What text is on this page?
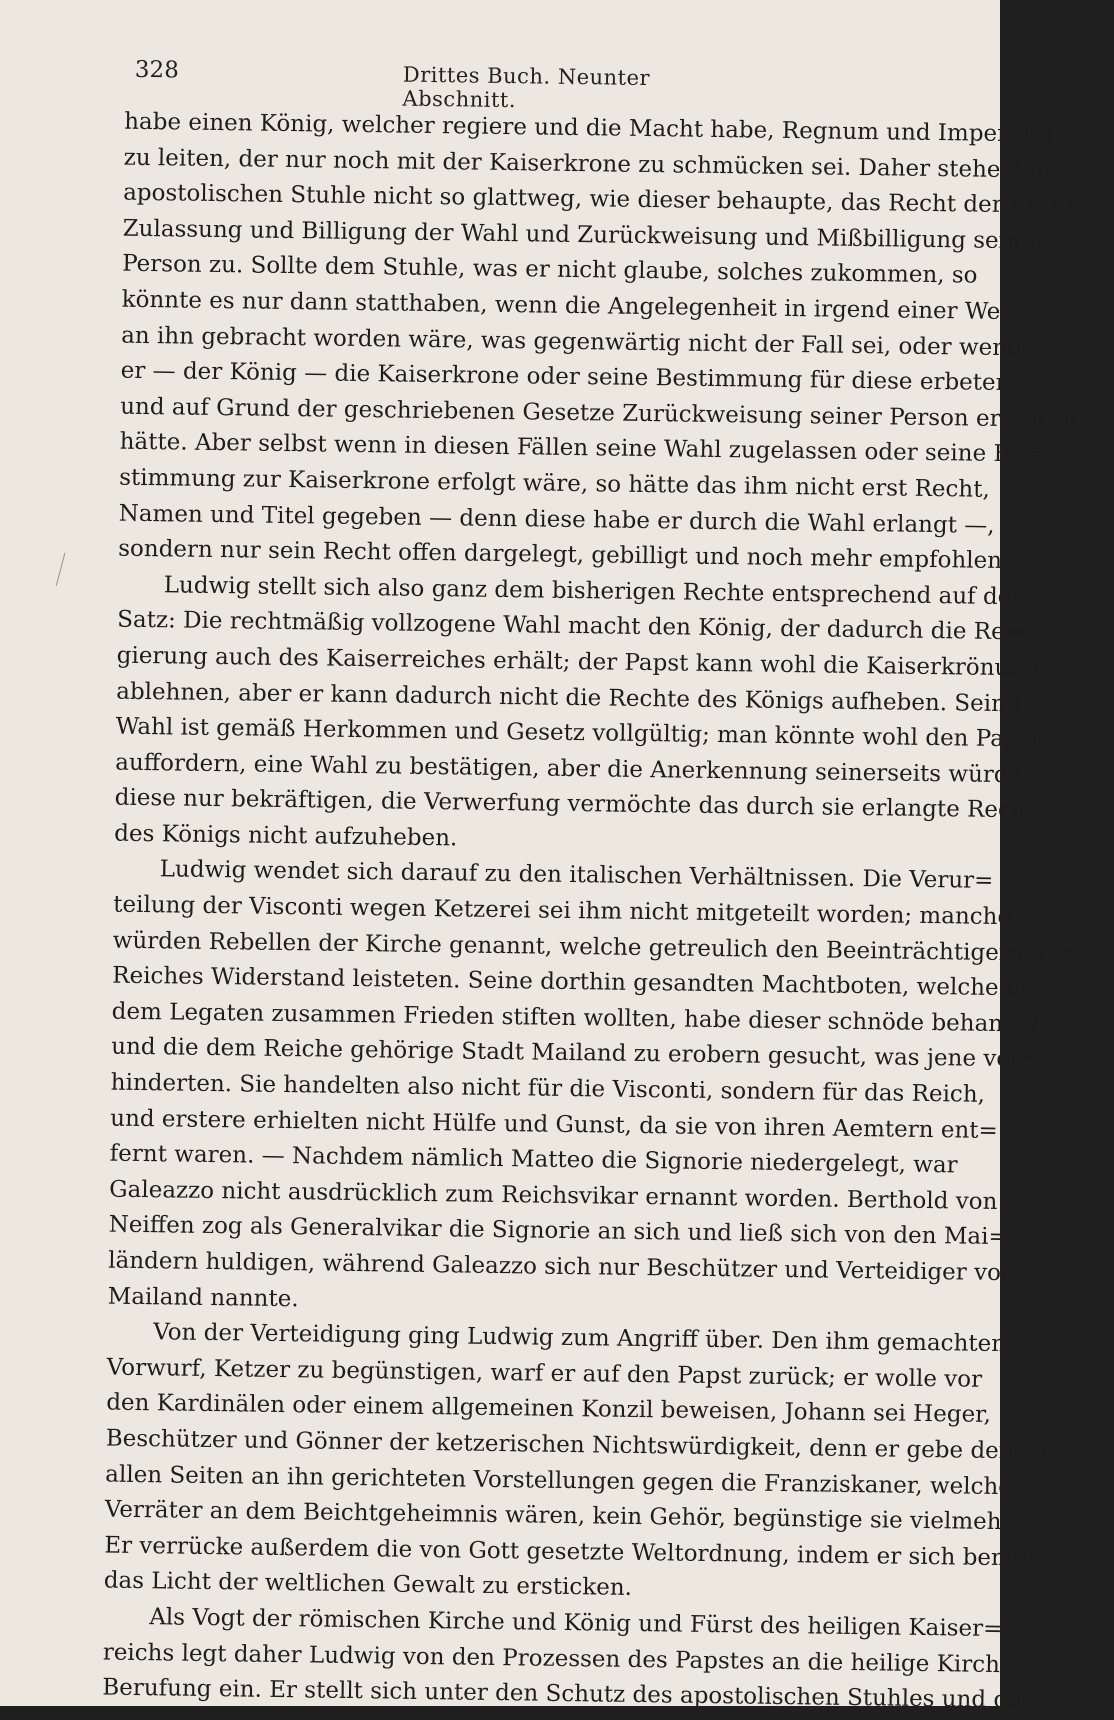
328	Drittes Buch. Neunter Abschnitt.
habe einen König, welcher regiere und die Macht habe, Regnum und Imperium
zu leiten, der nur noch mit der Kaiserkrone zu schmücken sei. Daher stehe dem
apostolischen Stuhle nicht so glattweg, wie dieser behaupte, das Recht der Prüfung,
Zulassung und Billigung der Wahl und Zurückweisung und Mißbilligung seiner
Person zu. Sollte dem Stuhle, was er nicht glaube, solches zukommen, so
könnte es nur dann statthaben, wenn die Angelegenheit in irgend einer Weise
an ihn gebracht worden wäre, was gegenwärtig nicht der Fall sei, oder wenn
er — der König — die Kaiserkrone oder seine Bestimmung für diese erbeten
und auf Grund der geschriebenen Gesetze Zurückweisung seiner Person erfahren
hätte. Aber selbst wenn in diesen Fällen seine Wahl zugelassen oder seine Be=
stimmung zur Kaiserkrone erfolgt wäre, so hätte das ihm nicht erst Recht,
Namen und Titel gegeben — denn diese habe er durch die Wahl erlangt —,
sondern nur sein Recht offen dargelegt, gebilligt und noch mehr empfohlen.
Ludwig stellt sich also ganz dem bisherigen Rechte entsprechend auf den
Satz: Die rechtmäßig vollzogene Wahl macht den König, der dadurch die Re=
gierung auch des Kaiserreiches erhält; der Papst kann wohl die Kaiserkrönung
ablehnen, aber er kann dadurch nicht die Rechte des Königs aufheben. Seine
Wahl ist gemäß Herkommen und Gesetz vollgültig; man könnte wohl den Papst
auffordern, eine Wahl zu bestätigen, aber die Anerkennung seinerseits würde
diese nur bekräftigen, die Verwerfung vermöchte das durch sie erlangte Recht
des Königs nicht aufzuheben.
Ludwig wendet sich darauf zu den italischen Verhältnissen. Die Verur=
teilung der Visconti wegen Ketzerei sei ihm nicht mitgeteilt worden; manche
würden Rebellen der Kirche genannt, welche getreulich den Beeinträchtigern des
Reiches Widerstand leisteten. Seine dorthin gesandten Machtboten, welche mit
dem Legaten zusammen Frieden stiften wollten, habe dieser schnöde behandelt
und die dem Reiche gehörige Stadt Mailand zu erobern gesucht, was jene ver=
hinderten. Sie handelten also nicht für die Visconti, sondern für das Reich,
und erstere erhielten nicht Hülfe und Gunst, da sie von ihren Aemtern ent=
fernt waren. — Nachdem nämlich Matteo die Signorie niedergelegt, war
Galeazzo nicht ausdrücklich zum Reichsvikar ernannt worden. Berthold von
Neiffen zog als Generalvikar die Signorie an sich und ließ sich von den Mai=
ländern huldigen, während Galeazzo sich nur Beschützer und Verteidiger von
Mailand nannte.
Von der Verteidigung ging Ludwig zum Angriff über. Den ihm gemachten
Vorwurf, Ketzer zu begünstigen, warf er auf den Papst zurück; er wolle vor
den Kardinälen oder einem allgemeinen Konzil beweisen, Johann sei Heger,
Beschützer und Gönner der ketzerischen Nichtswürdigkeit, denn er gebe den von
allen Seiten an ihn gerichteten Vorstellungen gegen die Franziskaner, welche
Verräter an dem Beichtgeheimnis wären, kein Gehör, begünstige sie vielmehr.
Er verrücke außerdem die von Gott gesetzte Weltordnung, indem er sich bemühe,
das Licht der weltlichen Gewalt zu ersticken.
Als Vogt der römischen Kirche und König und Fürst des heiligen Kaiser=
reichs legt daher Ludwig von den Prozessen des Papstes an die heilige Kirche
Berufung ein. Er stellt sich unter den Schutz des apostolischen Stuhles und da
